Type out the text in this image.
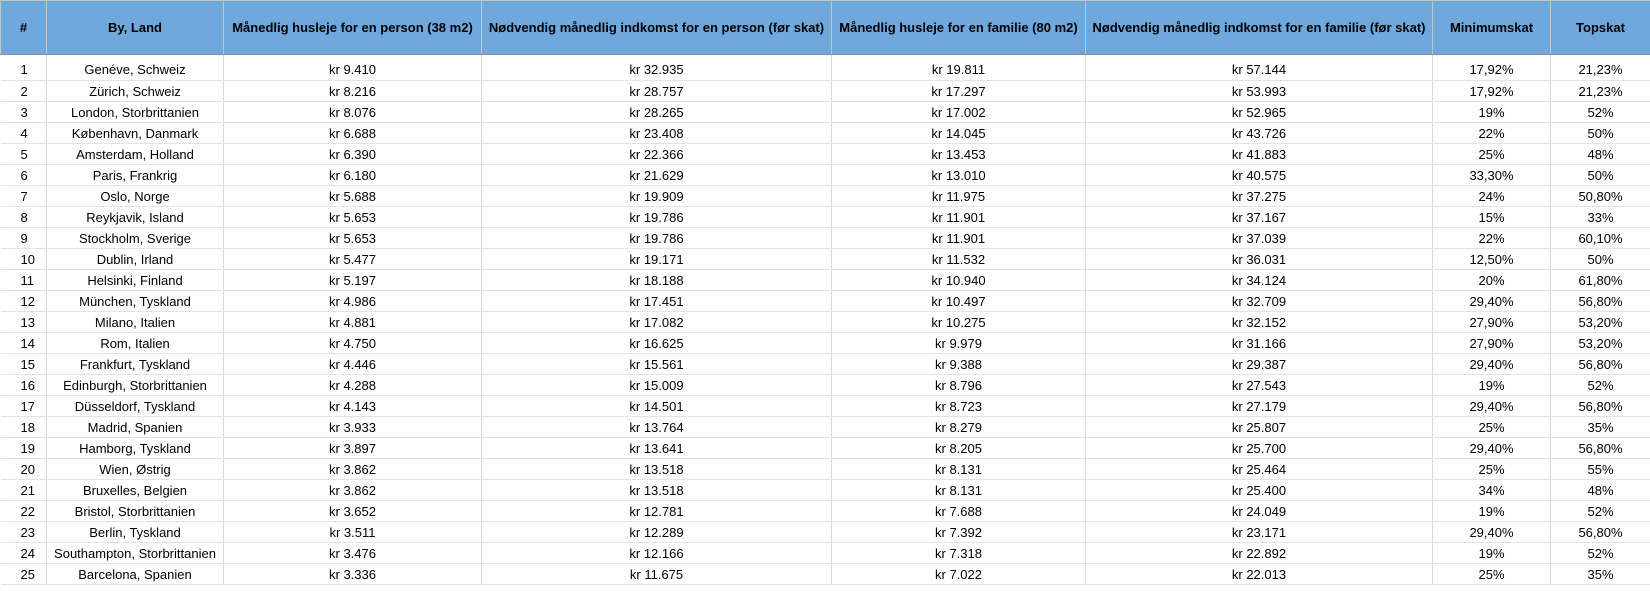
#	By, Land	Månedlig husleje for en person (38 m2)	Nødvendig månedlig indkomst for en person (før skat)	Månedlig husleje for en familie (80 m2)	Nødvendig månedlig indkomst for en familie (før skat)	Minimumskat	Topskat

1	Genéve, Schweiz	kr 9.410	kr 32.935	kr 19.811	kr 57.144	17,92%	21,23%
2	Zürich, Schweiz	kr 8.216	kr 28.757	kr 17.297	kr 53.993	17,92%	21,23%
3	London, Storbrittanien	kr 8.076	kr 28.265	kr 17.002	kr 52.965	19%	52%
4	København, Danmark	kr 6.688	kr 23.408	kr 14.045	kr 43.726	22%	50%
5	Amsterdam, Holland	kr 6.390	kr 22.366	kr 13.453	kr 41.883	25%	48%
6	Paris, Frankrig	kr 6.180	kr 21.629	kr 13.010	kr 40.575	33,30%	50%
7	Oslo, Norge	kr 5.688	kr 19.909	kr 11.975	kr 37.275	24%	50,80%
8	Reykjavik, Island	kr 5.653	kr 19.786	kr 11.901	kr 37.167	15%	33%
9	Stockholm, Sverige	kr 5.653	kr 19.786	kr 11.901	kr 37.039	22%	60,10%
10	Dublin, Irland	kr 5.477	kr 19.171	kr 11.532	kr 36.031	12,50%	50%
11	Helsinki, Finland	kr 5.197	kr 18.188	kr 10.940	kr 34.124	20%	61,80%
12	München, Tyskland	kr 4.986	kr 17.451	kr 10.497	kr 32.709	29,40%	56,80%
13	Milano, Italien	kr 4.881	kr 17.082	kr 10.275	kr 32.152	27,90%	53,20%
14	Rom, Italien	kr 4.750	kr 16.625	kr 9.979	kr 31.166	27,90%	53,20%
15	Frankfurt, Tyskland	kr 4.446	kr 15.561	kr 9.388	kr 29.387	29,40%	56,80%
16	Edinburgh, Storbrittanien	kr 4.288	kr 15.009	kr 8.796	kr 27.543	19%	52%
17	Düsseldorf, Tyskland	kr 4.143	kr 14.501	kr 8.723	kr 27.179	29,40%	56,80%
18	Madrid, Spanien	kr 3.933	kr 13.764	kr 8.279	kr 25.807	25%	35%
19	Hamborg, Tyskland	kr 3.897	kr 13.641	kr 8.205	kr 25.700	29,40%	56,80%
20	Wien, Østrig	kr 3.862	kr 13.518	kr 8.131	kr 25.464	25%	55%
21	Bruxelles, Belgien	kr 3.862	kr 13.518	kr 8.131	kr 25.400	34%	48%
22	Bristol, Storbrittanien	kr 3.652	kr 12.781	kr 7.688	kr 24.049	19%	52%
23	Berlin, Tyskland	kr 3.511	kr 12.289	kr 7.392	kr 23.171	29,40%	56,80%
24	Southampton, Storbrittanien	kr 3.476	kr 12.166	kr 7.318	kr 22.892	19%	52%
25	Barcelona, Spanien	kr 3.336	kr 11.675	kr 7.022	kr 22.013	25%	35%
